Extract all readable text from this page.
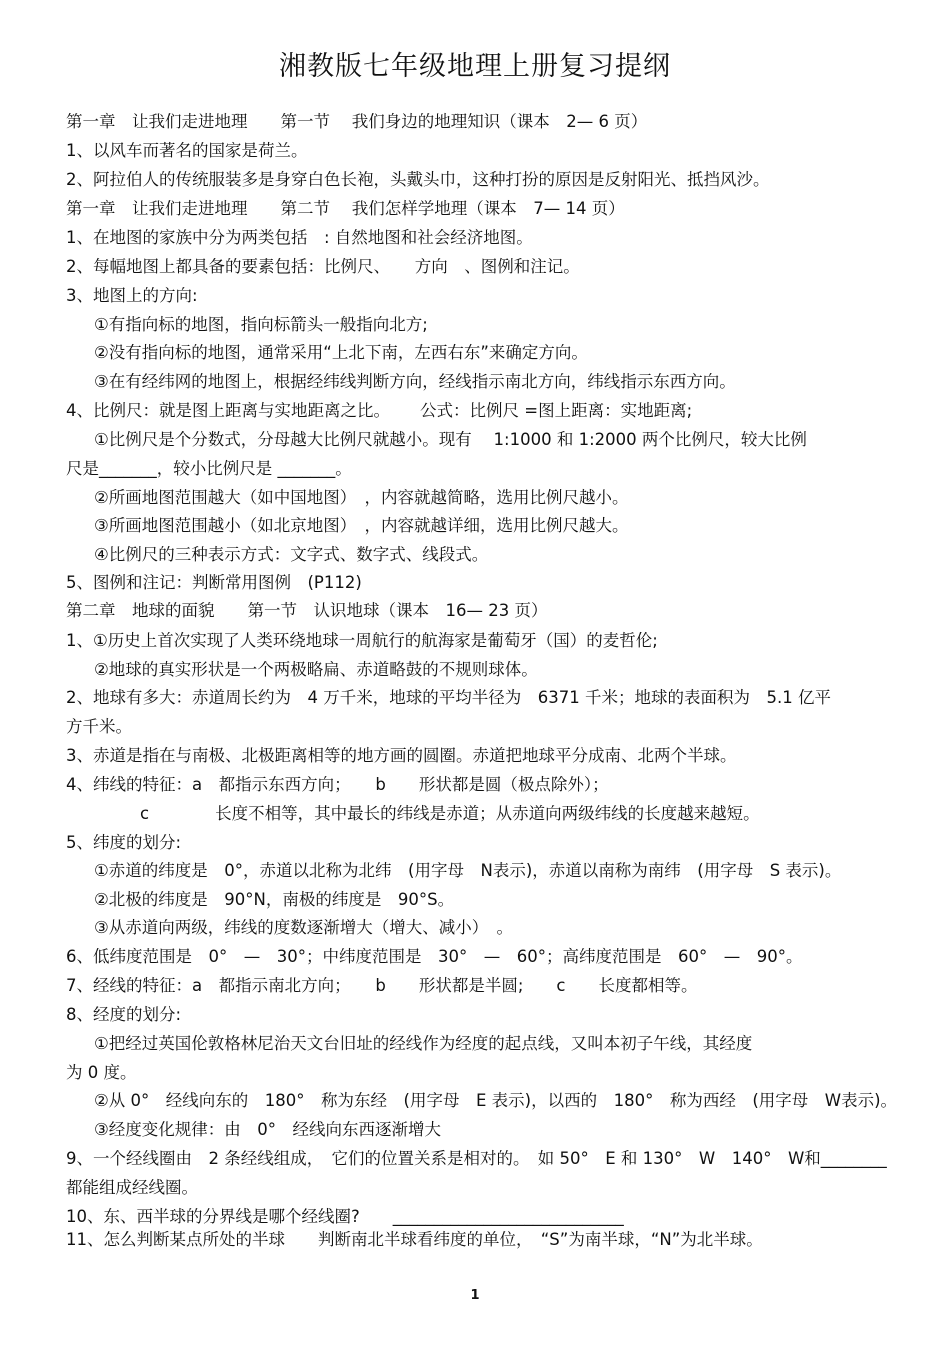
湘教版七年级地理上册复习提纲
第一章　让我们走进地理　　第一节　 我们身边的地理知识（课本　2— 6 页）
1、以风车而著名的国家是荷兰。
2、阿拉伯人的传统服装多是身穿白色长袍，头戴头巾，这种打扮的原因是反射阳光、抵挡风沙。
第一章　让我们走进地理　　第二节　 我们怎样学地理（课本　7— 14 页）
1、在地图的家族中分为两类包括　: 自然地图和社会经济地图。
2、每幅地图上都具备的要素包括：比例尺、　　方向　、图例和注记。
3、地图上的方向:
①有指向标的地图，指向标箭头一般指向北方;
②没有指向标的地图，通常采用“上北下南，左西右东”来确定方向。
③在有经纬网的地图上，根据经纬线判断方向，经线指示南北方向，纬线指示东西方向。
4、比例尺：就是图上距离与实地距离之比。　　 公式：比例尺 =图上距离：实地距离;
①比例尺是个分数式，分母越大比例尺就越小。现有　 1:1000 和 1:2000 两个比例尺，较大比例
尺是_______，较小比例尺是 _______。
②所画地图范围越大（如中国地图）　，内容就越简略，选用比例尺越小。
③所画地图范围越小（如北京地图）　，内容就越详细，选用比例尺越大。
④比例尺的三种表示方式：文字式、数字式、线段式。
5、图例和注记：判断常用图例　(P112)
第二章　地球的面貌　　第一节　认识地球（课本　16— 23 页）
1、①历史上首次实现了人类环绕地球一周航行的航海家是葡萄牙（国）的麦哲伦;
②地球的真实形状是一个两极略扁、赤道略鼓的不规则球体。
2、地球有多大：赤道周长约为　4 万千米，地球的平均半径为　6371 千米；地球的表面积为　5.1 亿平
方千米。
3、赤道是指在与南极、北极距离相等的地方画的圆圈。赤道把地球平分成南、北两个半球。
4、纬线的特征：a　都指示东西方向；　　b　　形状都是圆（极点除外）；
c　　　　长度不相等，其中最长的纬线是赤道；从赤道向两级纬线的长度越来越短。
5、纬度的划分:
①赤道的纬度是　0°，赤道以北称为北纬　(用字母　N表示)，赤道以南称为南纬　(用字母　S 表示)。
②北极的纬度是　90°N，南极的纬度是　90°S。
③从赤道向两级，纬线的度数逐渐增大（增大、减小）　。
6、低纬度范围是　0°　—　30°；中纬度范围是　30°　—　60°；高纬度范围是　60°　—　90°。
7、经线的特征：a　都指示南北方向；　　b　　形状都是半圆;　　c　　长度都相等。
8、经度的划分:
①把经过英国伦敦格林尼治天文台旧址的经线作为经度的起点线，又叫本初子午线，其经度
为 0 度。
②从 0°　经线向东的　180°　称为东经　(用字母　E 表示)，以西的　180°　称为西经　(用字母　W表示)。
③经度变化规律：由　0°　经线向东西逐渐增大
9、一个经线圈由　2 条经线组成，　它们的位置关系是相对的。　如 50°　E 和 130°　W　140°　W和________
都能组成经线圈。
10、东、西半球的分界线是哪个经线圈?　　____________________________
11、怎么判断某点所处的半球　　判断南北半球看纬度的单位，　“S”为南半球，“N”为北半球。
1
